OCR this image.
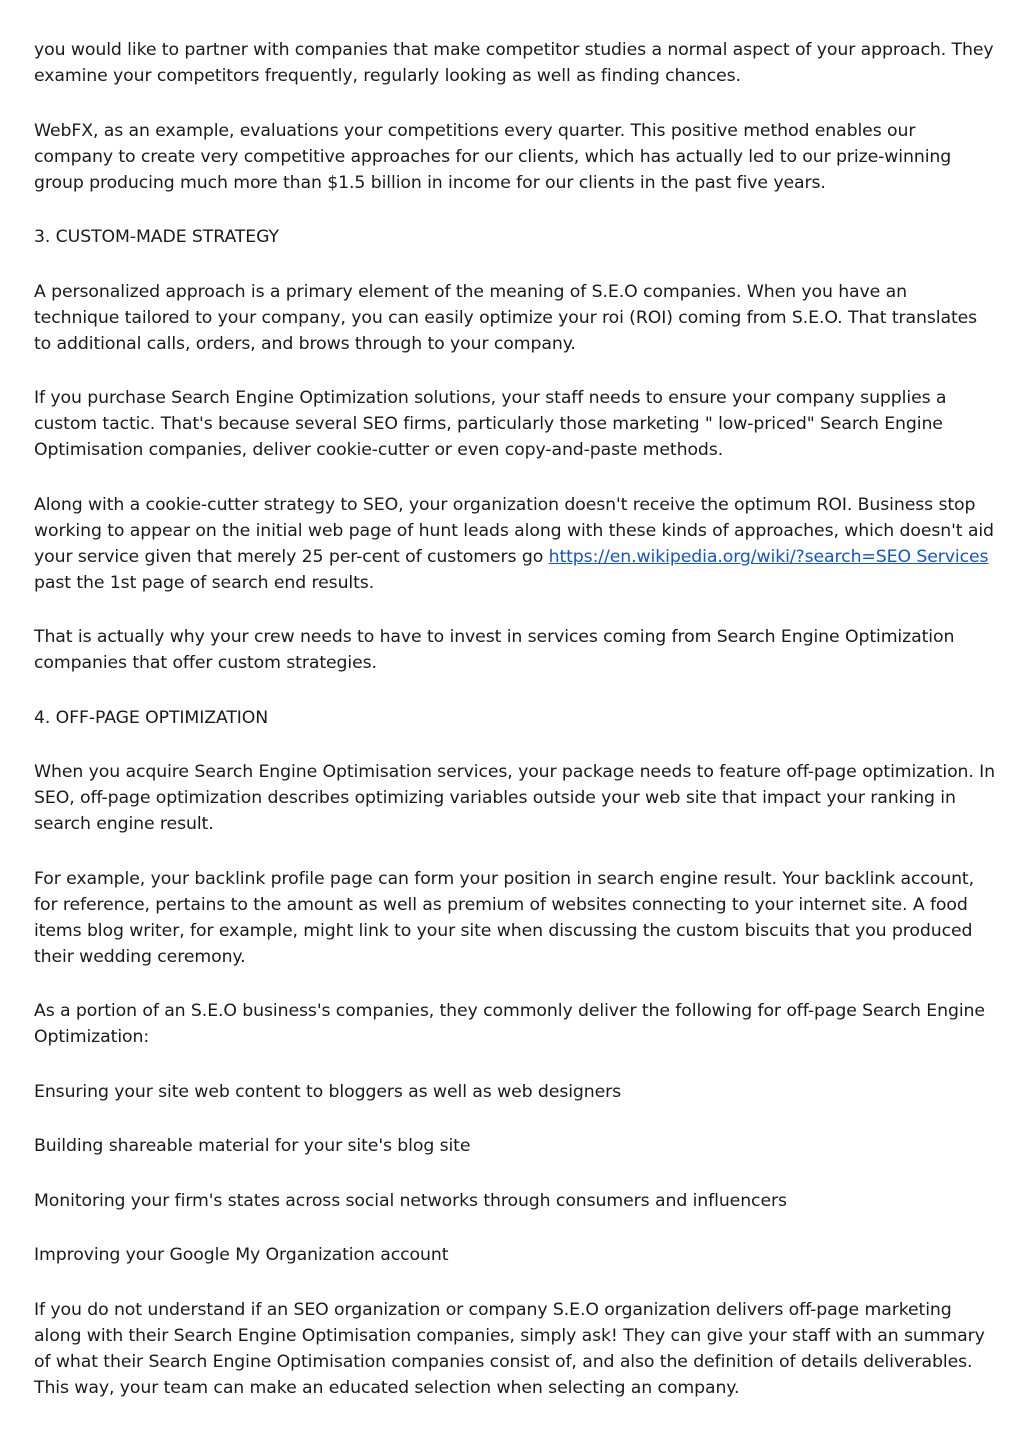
you would like to partner with companies that make competitor studies a normal aspect of your approach. They examine your competitors frequently, regularly looking as well as finding chances.

WebFX, as an example, evaluations your competitions every quarter. This positive method enables our company to create very competitive approaches for our clients, which has actually led to our prize-winning group producing much more than $1.5 billion in income for our clients in the past five years.

3. CUSTOM-MADE STRATEGY

A personalized approach is a primary element of the meaning of S.E.O companies. When you have an technique tailored to your company, you can easily optimize your roi (ROI) coming from S.E.O. That translates to additional calls, orders, and brows through to your company.

If you purchase Search Engine Optimization solutions, your staff needs to ensure your company supplies a custom tactic. That's because several SEO firms, particularly those marketing " low-priced" Search Engine Optimisation companies, deliver cookie-cutter or even copy-and-paste methods.

Along with a cookie-cutter strategy to SEO, your organization doesn't receive the optimum ROI. Business stop working to appear on the initial web page of hunt leads along with these kinds of approaches, which doesn't aid your service given that merely 25 per-cent of customers go https://en.wikipedia.org/wiki/?search=SEO Services past the 1st page of search end results.

That is actually why your crew needs to have to invest in services coming from Search Engine Optimization companies that offer custom strategies.

4. OFF-PAGE OPTIMIZATION

When you acquire Search Engine Optimisation services, your package needs to feature off-page optimization. In SEO, off-page optimization describes optimizing variables outside your web site that impact your ranking in search engine result.

For example, your backlink profile page can form your position in search engine result. Your backlink account, for reference, pertains to the amount as well as premium of websites connecting to your internet site. A food items blog writer, for example, might link to your site when discussing the custom biscuits that you produced their wedding ceremony.

As a portion of an S.E.O business's companies, they commonly deliver the following for off-page Search Engine Optimization:

Ensuring your site web content to bloggers as well as web designers

Building shareable material for your site's blog site

Monitoring your firm's states across social networks through consumers and influencers

Improving your Google My Organization account

If you do not understand if an SEO organization or company S.E.O organization delivers off-page marketing along with their Search Engine Optimisation companies, simply ask! They can give your staff with an summary of what their Search Engine Optimisation companies consist of, and also the definition of details deliverables. This way, your team can make an educated selection when selecting an company.
